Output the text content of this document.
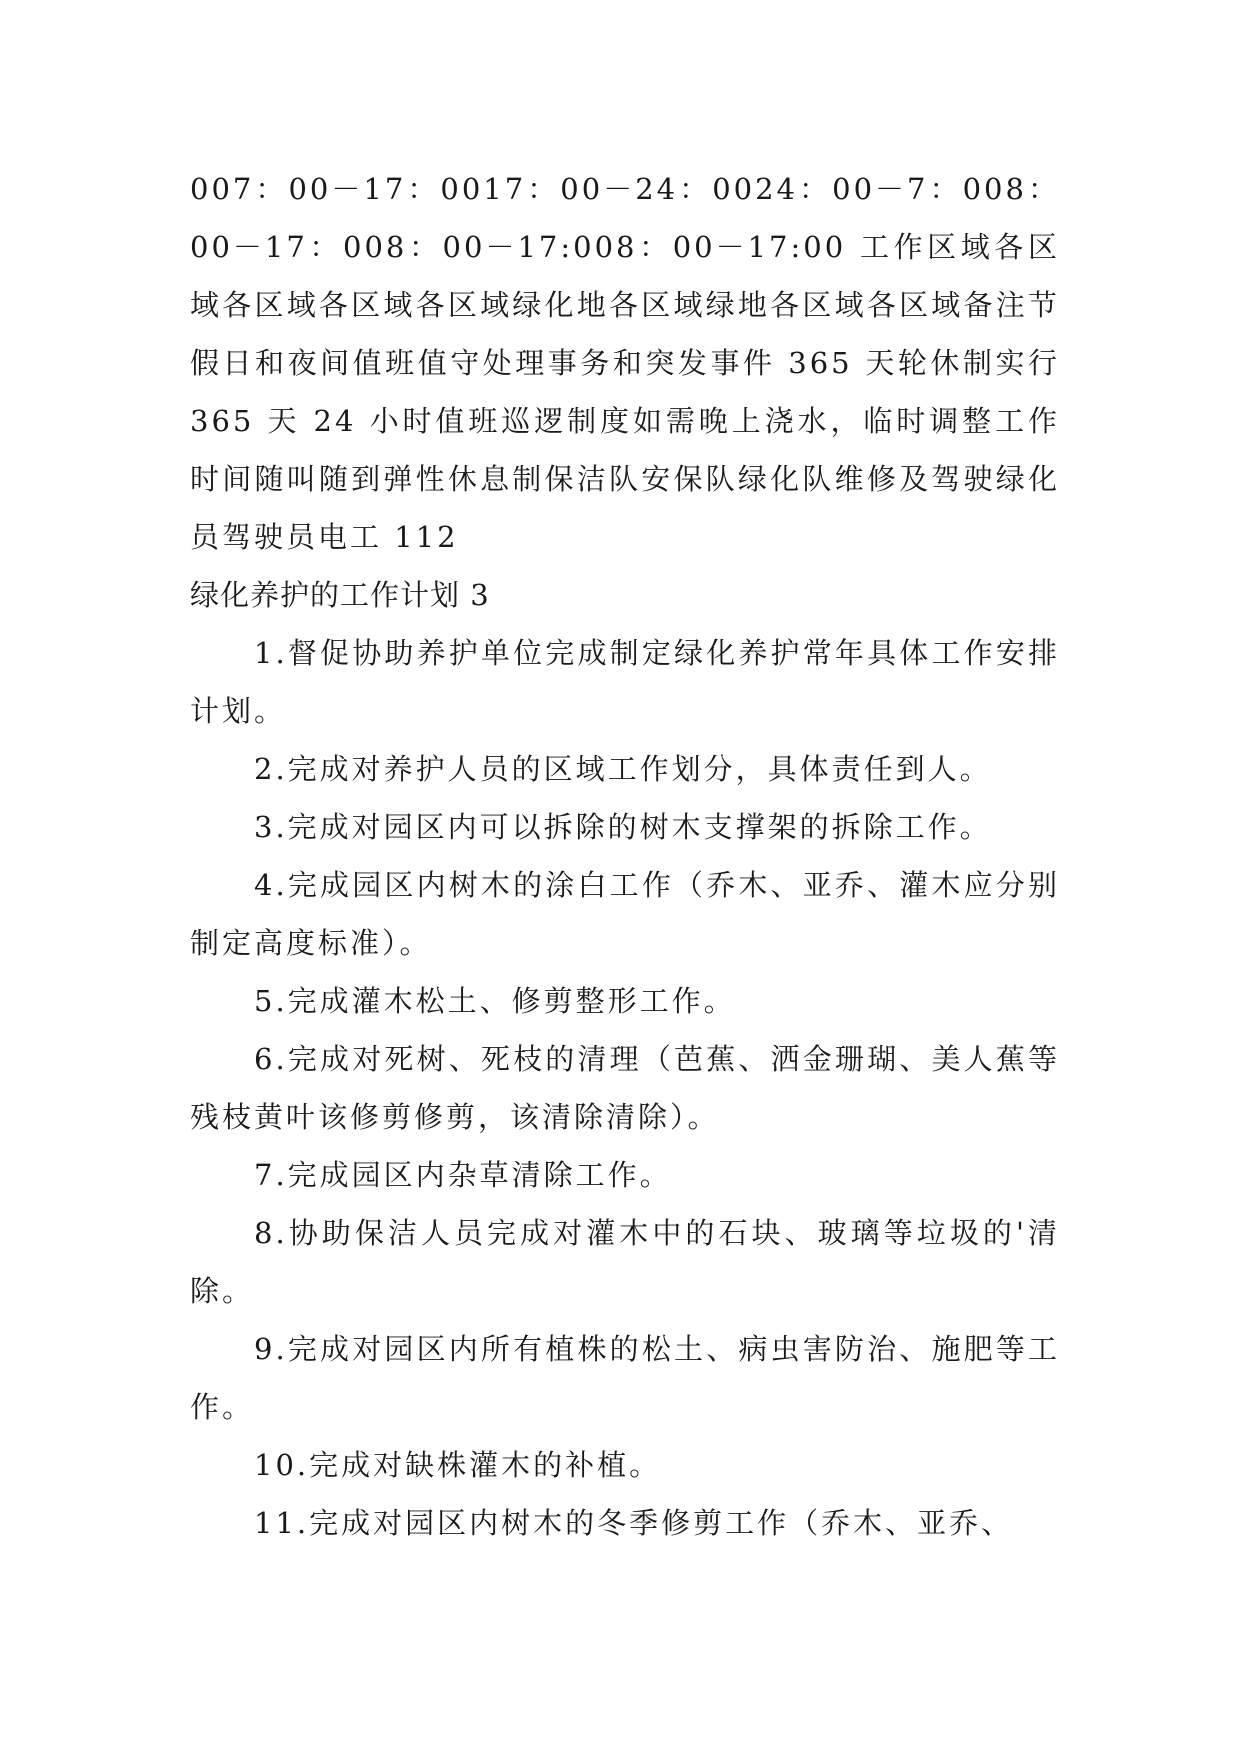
007：00－17：0017：00－24：0024：00－7：008：00－17：008：00－17:008：00－17:00 工作区域各区域各区域各区域各区域绿化地各区域绿地各区域各区域备注节假日和夜间值班值守处理事务和突发事件 365 天轮休制实行 365 天 24 小时值班巡逻制度如需晚上浇水，临时调整工作时间随叫随到弹性休息制保洁队安保队绿化队维修及驾驶绿化员驾驶员电工 112

绿化养护的工作计划 3

1.督促协助养护单位完成制定绿化养护常年具体工作安排计划。

2.完成对养护人员的区域工作划分，具体责任到人。

3.完成对园区内可以拆除的树木支撑架的拆除工作。

4.完成园区内树木的涂白工作（乔木、亚乔、灌木应分别制定高度标准）。

5.完成灌木松土、修剪整形工作。

6.完成对死树、死枝的清理（芭蕉、洒金珊瑚、美人蕉等残枝黄叶该修剪修剪，该清除清除）。

7.完成园区内杂草清除工作。

8.协助保洁人员完成对灌木中的石块、玻璃等垃圾的'清除。

9.完成对园区内所有植株的松土、病虫害防治、施肥等工作。

10.完成对缺株灌木的补植。

11.完成对园区内树木的冬季修剪工作（乔木、亚乔、
